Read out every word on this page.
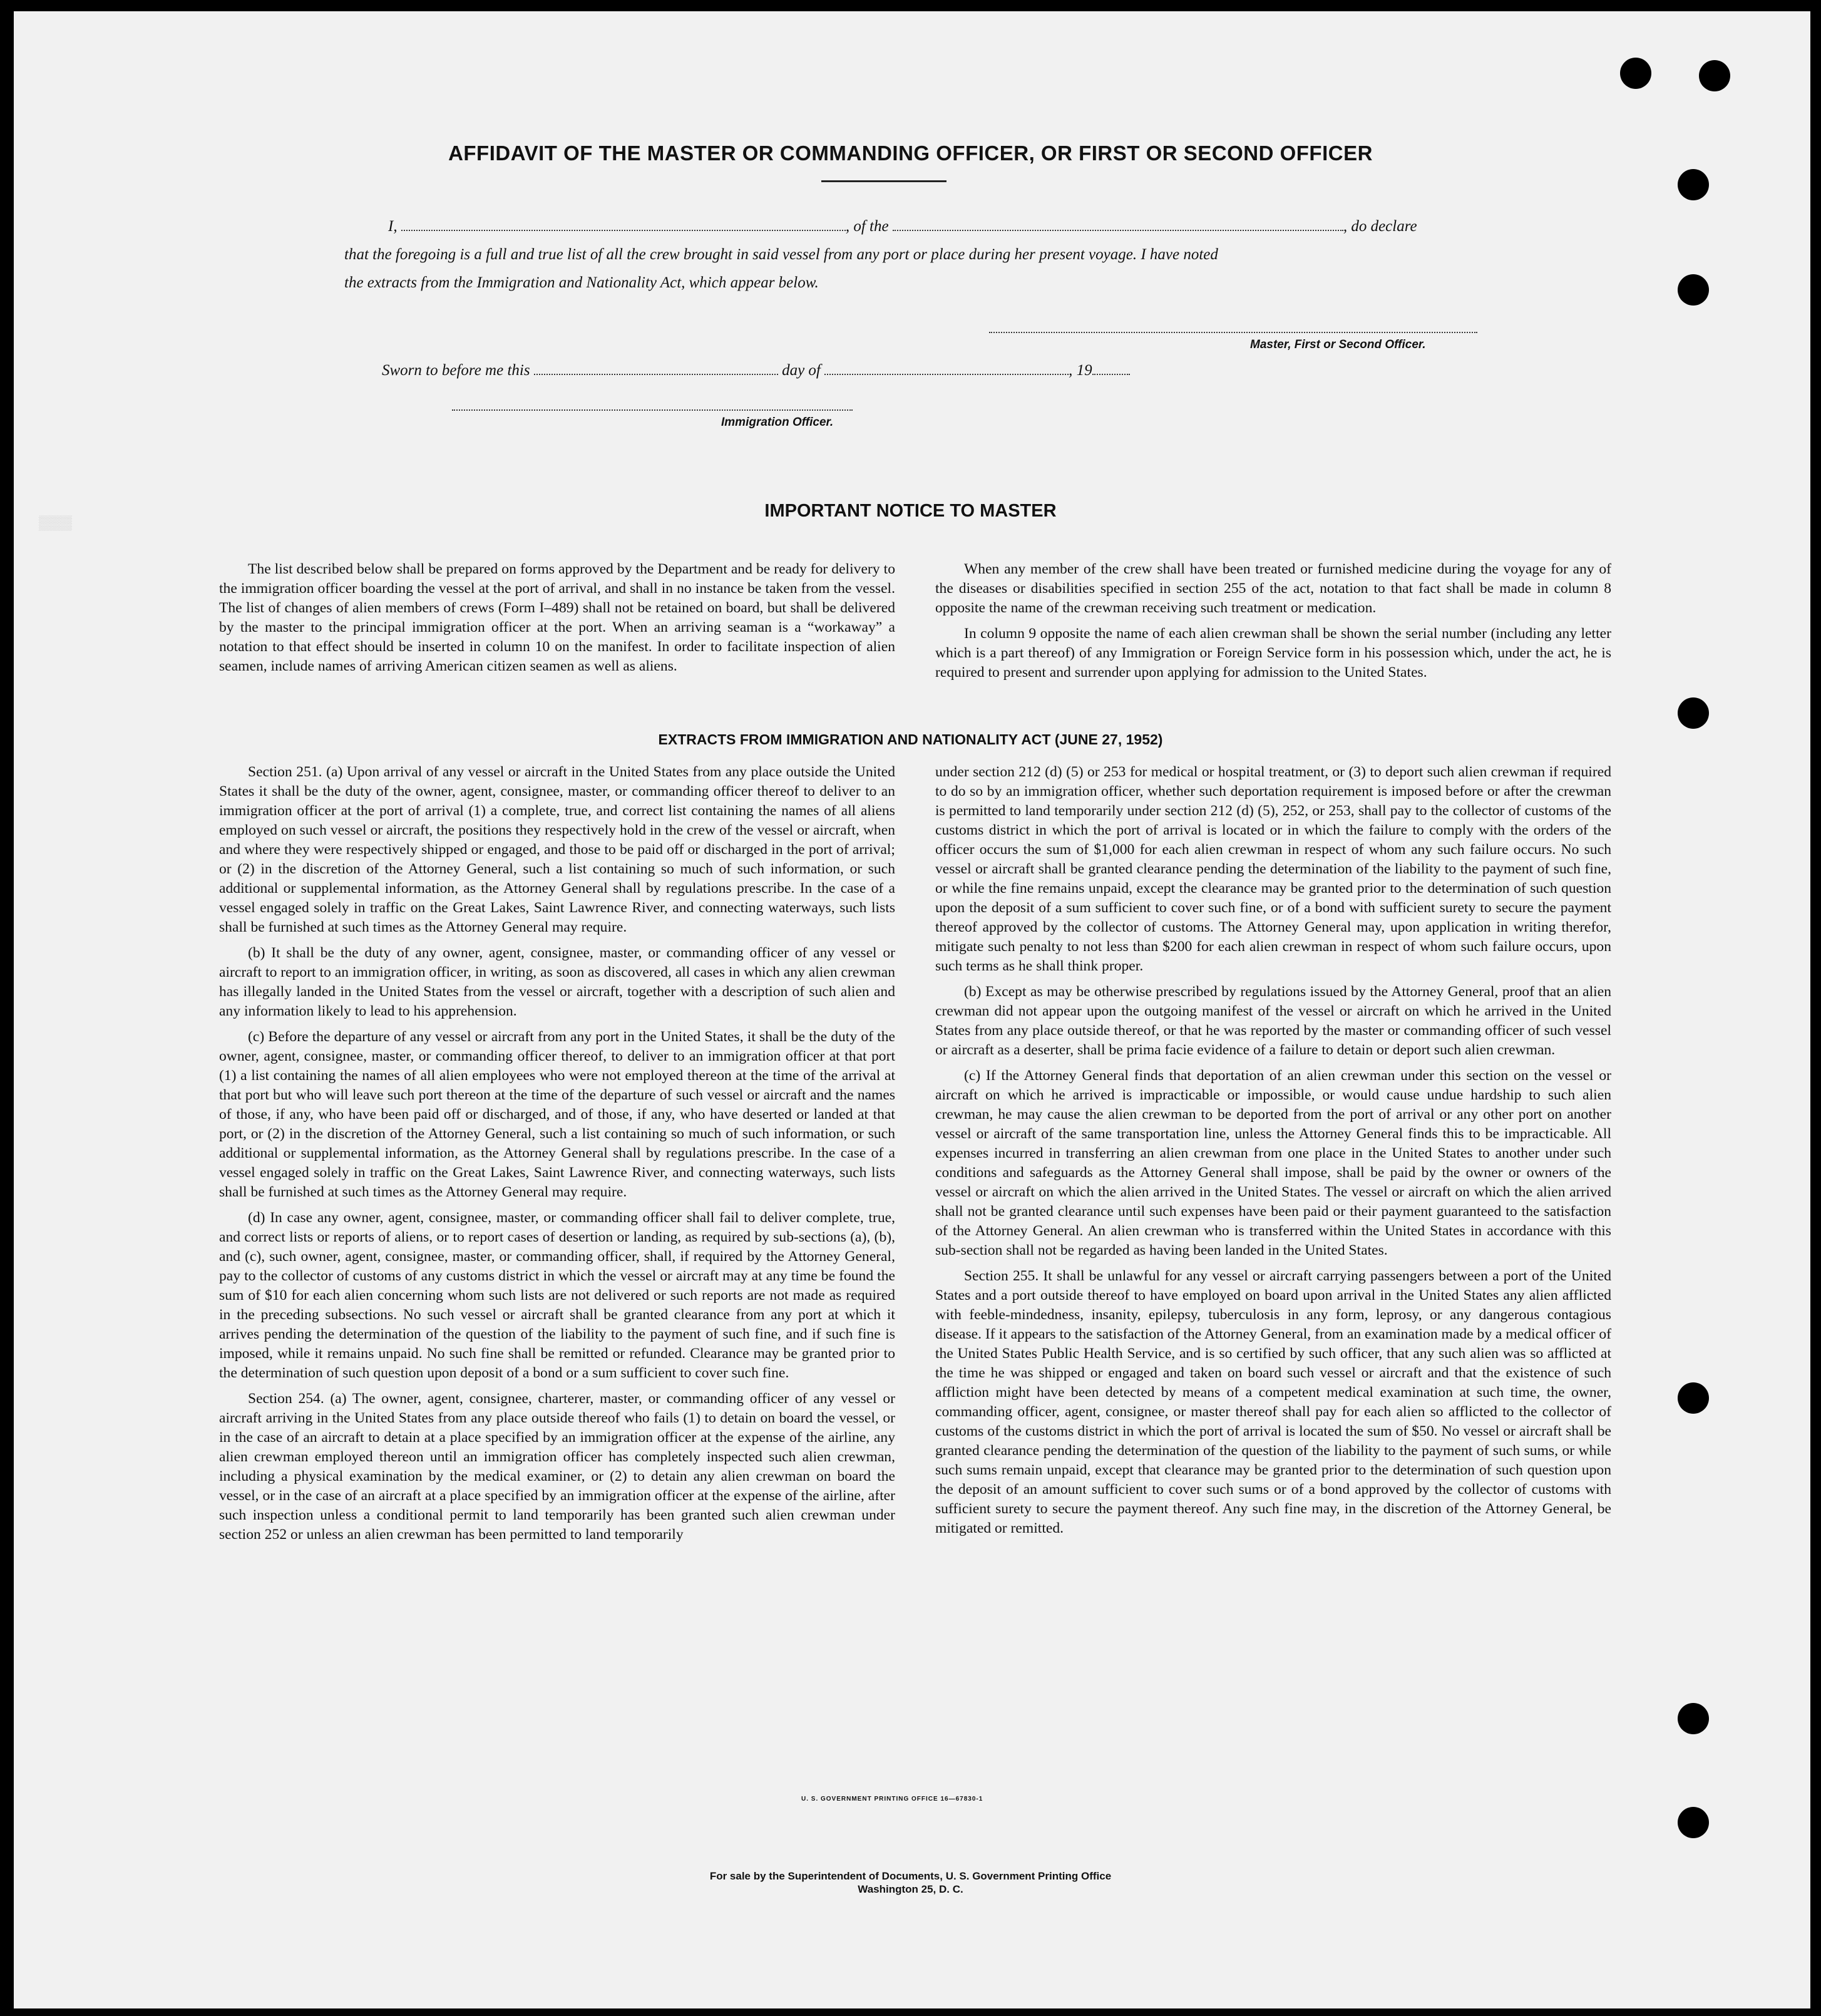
▒▒▒▒
AFFIDAVIT OF THE MASTER OR COMMANDING OFFICER, OR FIRST OR SECOND OFFICER
I,	, of the	, do declare
that the foregoing is a full and true list of all the crew brought in said vessel from any port or place during her present voyage. I have noted
the extracts from the Immigration and Nationality Act, which appear below.
Master, First or Second Officer.
Sworn to before me this	day of	, 19
Immigration Officer.
IMPORTANT NOTICE TO MASTER

The list described below shall be prepared on forms approved by the Department and be ready for delivery to the immigration officer boarding the vessel at the port of arrival, and shall in no instance be taken from the vessel. The list of changes of alien members of crews (Form I–489) shall not be retained on board, but shall be delivered by the master to the principal immigration officer at the port. When an arriving seaman is a “workaway” a notation to that effect should be inserted in column 10 on the manifest. In order to facilitate inspection of alien seamen, include names of arriving American citizen seamen as well as aliens.

When any member of the crew shall have been treated or furnished medicine during the voyage for any of the diseases or disabilities specified in section 255 of the act, notation to that fact shall be made in column 8 opposite the name of the crewman receiving such treatment or medication.

In column 9 opposite the name of each alien crewman shall be shown the serial number (including any letter which is a part thereof) of any Immigration or Foreign Service form in his possession which, under the act, he is required to present and surrender upon applying for admission to the United States.

EXTRACTS FROM IMMIGRATION AND NATIONALITY ACT (JUNE 27, 1952)

Section 251. (a) Upon arrival of any vessel or aircraft in the United States from any place outside the United States it shall be the duty of the owner, agent, consignee, master, or commanding officer thereof to deliver to an immigration officer at the port of arrival (1) a complete, true, and correct list containing the names of all aliens employed on such vessel or aircraft, the positions they respectively hold in the crew of the vessel or aircraft, when and where they were respectively shipped or engaged, and those to be paid off or discharged in the port of arrival; or (2) in the discretion of the Attorney General, such a list containing so much of such information, or such additional or supplemental information, as the Attorney General shall by regulations prescribe. In the case of a vessel engaged solely in traffic on the Great Lakes, Saint Lawrence River, and connecting waterways, such lists shall be furnished at such times as the Attorney General may require.

(b) It shall be the duty of any owner, agent, consignee, master, or commanding officer of any vessel or aircraft to report to an immigration officer, in writing, as soon as discovered, all cases in which any alien crewman has illegally landed in the United States from the vessel or aircraft, together with a description of such alien and any information likely to lead to his apprehension.

(c) Before the departure of any vessel or aircraft from any port in the United States, it shall be the duty of the owner, agent, consignee, master, or commanding officer thereof, to deliver to an immigration officer at that port (1) a list containing the names of all alien employees who were not employed thereon at the time of the arrival at that port but who will leave such port thereon at the time of the departure of such vessel or aircraft and the names of those, if any, who have been paid off or discharged, and of those, if any, who have deserted or landed at that port, or (2) in the discretion of the Attorney General, such a list containing so much of such information, or such additional or supplemental information, as the Attorney General shall by regulations prescribe. In the case of a vessel engaged solely in traffic on the Great Lakes, Saint Lawrence River, and connecting waterways, such lists shall be furnished at such times as the Attorney General may require.

(d) In case any owner, agent, consignee, master, or commanding officer shall fail to deliver complete, true, and correct lists or reports of aliens, or to report cases of desertion or landing, as required by sub-sections (a), (b), and (c), such owner, agent, consignee, master, or commanding officer, shall, if required by the Attorney General, pay to the collector of customs of any customs district in which the vessel or aircraft may at any time be found the sum of $10 for each alien concerning whom such lists are not delivered or such reports are not made as required in the preceding subsections. No such vessel or aircraft shall be granted clearance from any port at which it arrives pending the determination of the question of the liability to the payment of such fine, and if such fine is imposed, while it remains unpaid. No such fine shall be remitted or refunded. Clearance may be granted prior to the determination of such question upon deposit of a bond or a sum sufficient to cover such fine.

Section 254. (a) The owner, agent, consignee, charterer, master, or commanding officer of any vessel or aircraft arriving in the United States from any place outside thereof who fails (1) to detain on board the vessel, or in the case of an aircraft to detain at a place specified by an immigration officer at the expense of the airline, any alien crewman employed thereon until an immigration officer has completely inspected such alien crewman, including a physical examination by the medical examiner, or (2) to detain any alien crewman on board the vessel, or in the case of an aircraft at a place specified by an immigration officer at the expense of the airline, after such inspection unless a conditional permit to land temporarily has been granted such alien crewman under section 252 or unless an alien crewman has been permitted to land temporarily

under section 212 (d) (5) or 253 for medical or hospital treatment, or (3) to deport such alien crewman if required to do so by an immigration officer, whether such deportation requirement is imposed before or after the crewman is permitted to land temporarily under section 212 (d) (5), 252, or 253, shall pay to the collector of customs of the customs district in which the port of arrival is located or in which the failure to comply with the orders of the officer occurs the sum of $1,000 for each alien crewman in respect of whom any such failure occurs. No such vessel or aircraft shall be granted clearance pending the determination of the liability to the payment of such fine, or while the fine remains unpaid, except the clearance may be granted prior to the determination of such question upon the deposit of a sum sufficient to cover such fine, or of a bond with sufficient surety to secure the payment thereof approved by the collector of customs. The Attorney General may, upon application in writing therefor, mitigate such penalty to not less than $200 for each alien crewman in respect of whom such failure occurs, upon such terms as he shall think proper.

(b) Except as may be otherwise prescribed by regulations issued by the Attorney General, proof that an alien crewman did not appear upon the outgoing manifest of the vessel or aircraft on which he arrived in the United States from any place outside thereof, or that he was reported by the master or commanding officer of such vessel or aircraft as a deserter, shall be prima facie evidence of a failure to detain or deport such alien crewman.

(c) If the Attorney General finds that deportation of an alien crewman under this section on the vessel or aircraft on which he arrived is impracticable or impossible, or would cause undue hardship to such alien crewman, he may cause the alien crewman to be deported from the port of arrival or any other port on another vessel or aircraft of the same transportation line, unless the Attorney General finds this to be impracticable. All expenses incurred in transferring an alien crewman from one place in the United States to another under such conditions and safeguards as the Attorney General shall impose, shall be paid by the owner or owners of the vessel or aircraft on which the alien arrived in the United States. The vessel or aircraft on which the alien arrived shall not be granted clearance until such expenses have been paid or their payment guaranteed to the satisfaction of the Attorney General. An alien crewman who is transferred within the United States in accordance with this sub-section shall not be regarded as having been landed in the United States.

Section 255. It shall be unlawful for any vessel or aircraft carrying passengers between a port of the United States and a port outside thereof to have employed on board upon arrival in the United States any alien afflicted with feeble-mindedness, insanity, epilepsy, tuberculosis in any form, leprosy, or any dangerous contagious disease. If it appears to the satisfaction of the Attorney General, from an examination made by a medical officer of the United States Public Health Service, and is so certified by such officer, that any such alien was so afflicted at the time he was shipped or engaged and taken on board such vessel or aircraft and that the existence of such affliction might have been detected by means of a competent medical examination at such time, the owner, commanding officer, agent, consignee, or master thereof shall pay for each alien so afflicted to the collector of customs of the customs district in which the port of arrival is located the sum of $50. No vessel or aircraft shall be granted clearance pending the determination of the question of the liability to the payment of such sums, or while such sums remain unpaid, except that clearance may be granted prior to the determination of such question upon the deposit of an amount sufficient to cover such sums or of a bond approved by the collector of customs with sufficient surety to secure the payment thereof. Any such fine may, in the discretion of the Attorney General, be mitigated or remitted.

U. S. GOVERNMENT PRINTING OFFICE 16—67830-1
For sale by the Superintendent of Documents, U. S. Government Printing Office
Washington 25, D. C.
